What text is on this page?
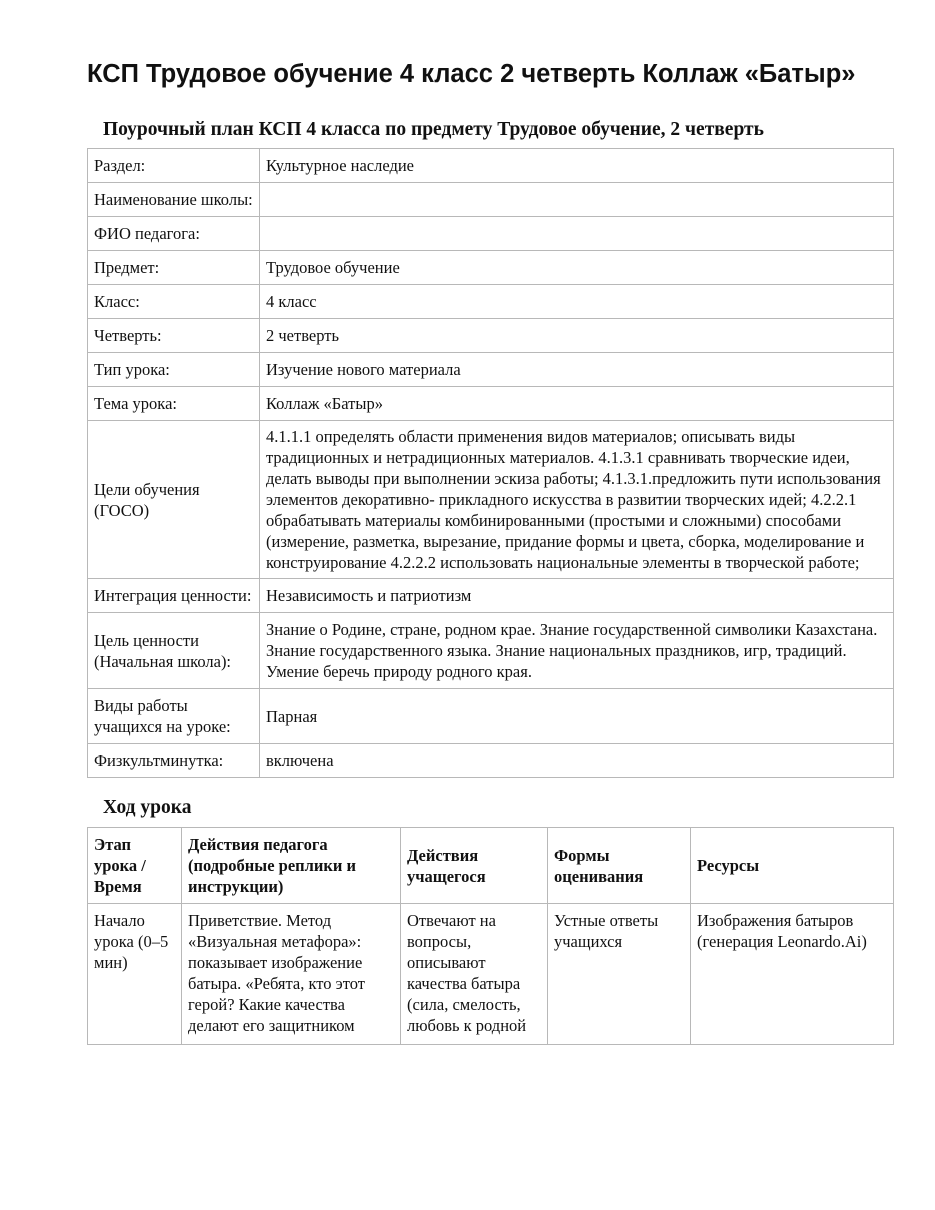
КСП Трудовое обучение 4 класс 2 четверть Коллаж «Батыр»
Поурочный план КСП 4 класса по предмету Трудовое обучение, 2 четверть
Раздел:	Культурное наследие
Наименование школы:	
ФИО педагога:	
Предмет:	Трудовое обучение
Класс:	4 класс
Четверть:	2 четверть
Тип урока:	Изучение нового материала
Тема урока:	Коллаж «Батыр»
Цели обучения (ГОСО)	4.1.1.1 определять области применения видов материалов; описывать виды традиционных и нетрадиционных материалов. 4.1.3.1 сравнивать творческие идеи, делать выводы при выполнении эскиза работы; 4.1.3.1.предложить пути использования элементов декоративно- прикладного искусства в развитии творческих идей; 4.2.2.1 обрабатывать материалы комбинированными (простыми и сложными) способами (измерение, разметка, вырезание, придание формы и цвета, сборка, моделирование и конструирование 4.2.2.2 использовать национальные элементы в творческой работе;
Интеграция ценности:	Независимость и патриотизм
Цель ценности (Начальная школа):	Знание о Родине, стране, родном крае. Знание государственной символики Казахстана. Знание государственного языка. Знание национальных праздников, игр, традиций. Умение беречь природу родного края.
Виды работы учащихся на уроке:	Парная
Физкультминутка:	включена
Ход урока
Этап урока / Время	Действия педагога (подробные реплики и инструкции)	Действия учащегося	Формы оценивания	Ресурсы
Начало урока (0–5 мин)	Приветствие. Метод «Визуальная метафора»: показывает изображение батыра. «Ребята, кто этот герой? Какие качества делают его защитником	Отвечают на вопросы, описывают качества батыра (сила, смелость, любовь к родной	Устные ответы учащихся	Изображения батыров (генерация Leonardo.Ai)
